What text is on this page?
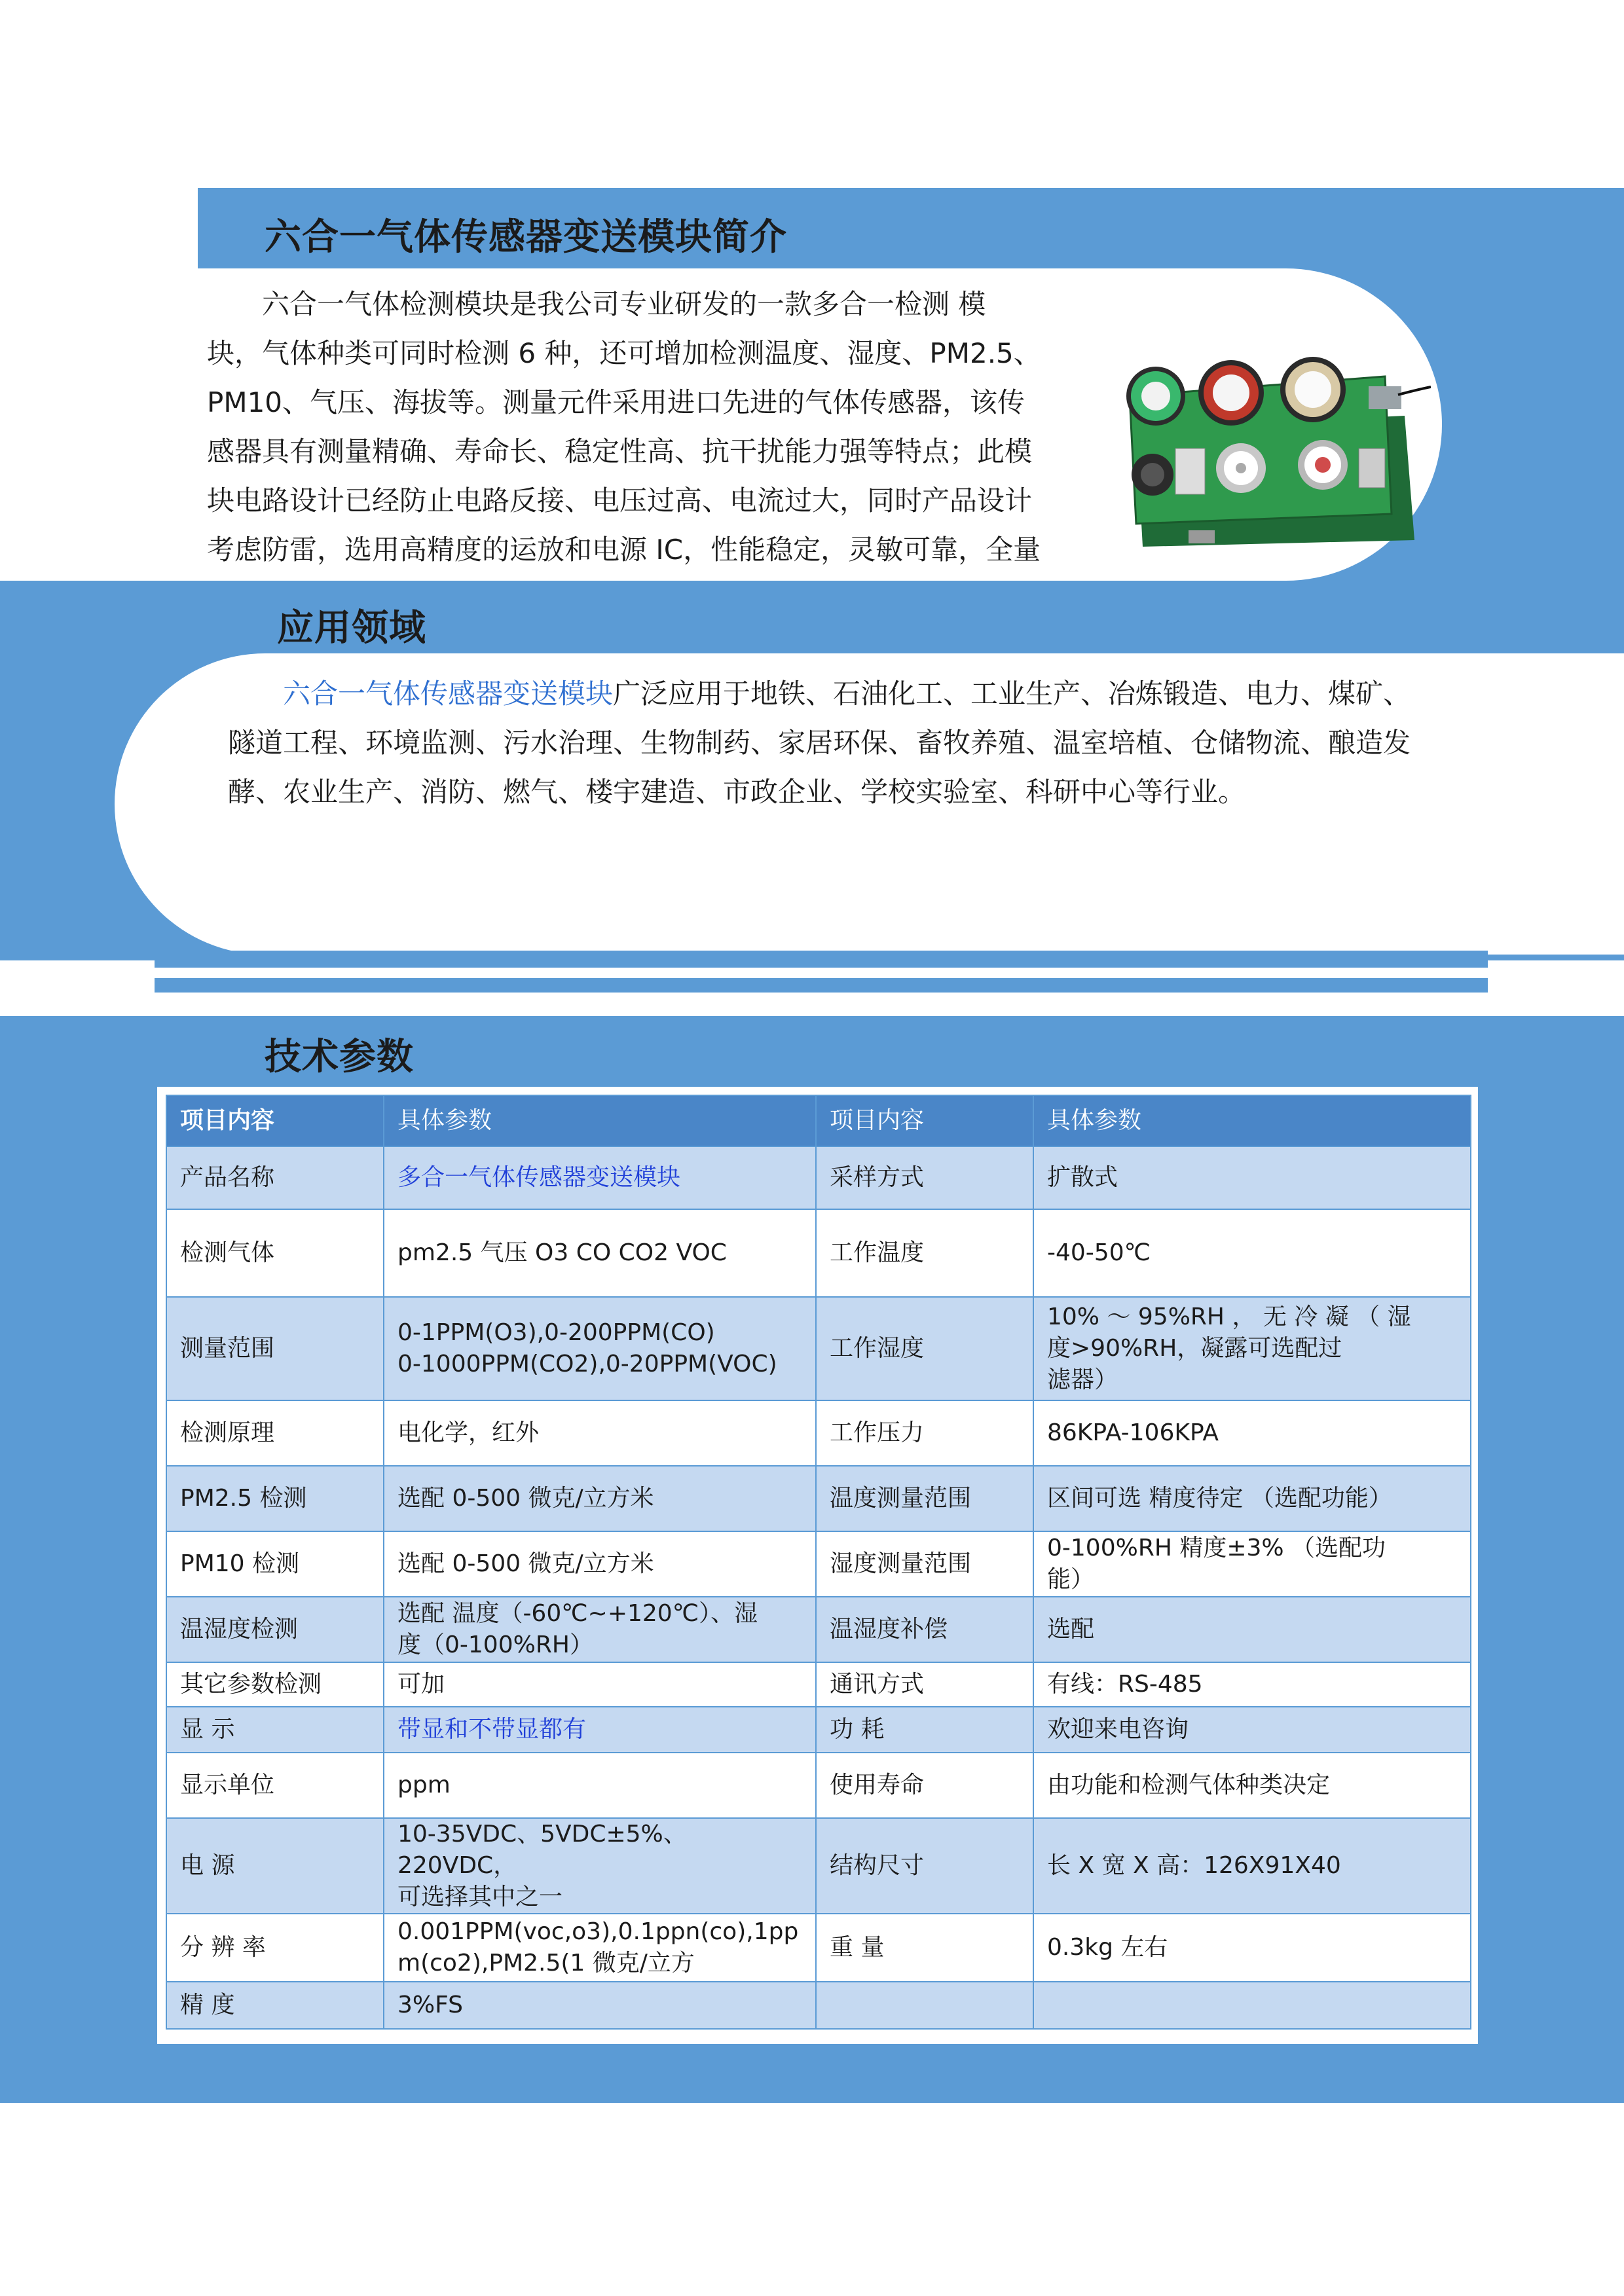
六合一气体传感器变送模块简介
六合一气体检测模块是我公司专业研发的一款多合一检测 模
块，气体种类可同时检测 6 种，还可增加检测温度、湿度、PM2.5、
PM10、气压、海拔等。测量元件采用进口先进的气体传感器，该传
感器具有测量精确、寿命长、稳定性高、抗干扰能力强等特点；此模
块电路设计已经防止电路反接、电压过高、电流过大，同时产品设计
考虑防雷，选用高精度的运放和电源 IC，性能稳定，灵敏可靠，全量
应用领域
六合一气体传感器变送模块广泛应用于地铁、石油化工、工业生产、冶炼锻造、电力、煤矿、
隧道工程、环境监测、污水治理、生物制药、家居环保、畜牧养殖、温室培植、仓储物流、酿造发
酵、农业生产、消防、燃气、楼宇建造、市政企业、学校实验室、科研中心等行业。
技术参数
项目内容	具体参数	项目内容	具体参数
产品名称	多合一气体传感器变送模块	采样方式	扩散式
检测气体	pm2.5 气压 O3 CO CO2 VOC	工作温度	-40-50℃
测量范围	0-1PPM(O3),0-200PPM(CO)
0-1000PPM(CO2),0-20PPM(VOC)	工作湿度	10% ～ 95%RH ， 无 冷 凝 （ 湿
度>90%RH，凝露可选配过
滤器）
检测原理	电化学，红外	工作压力	86KPA-106KPA
PM2.5 检测	选配 0-500 微克/立方米	温度测量范围	区间可选 精度待定 （选配功能）
PM10 检测	选配 0-500 微克/立方米	湿度测量范围	0-100%RH 精度±3% （选配功
能）
温湿度检测	选配 温度（-60℃~+120℃）、湿
度（0-100%RH）	温湿度补偿	选配
其它参数检测	可加	通讯方式	有线：RS-485
显 示	带显和不带显都有	功 耗	欢迎来电咨询
显示单位	ppm	使用寿命	由功能和检测气体种类决定
电 源	10-35VDC、5VDC±5%、220VDC，
可选择其中之一	结构尺寸	长 X 宽 X 高：126X91X40
分 辨 率	0.001PPM(voc,o3),0.1ppn(co),1pp
m(co2),PM2.5(1 微克/立方	重 量	0.3kg 左右
精 度	3%FS		
